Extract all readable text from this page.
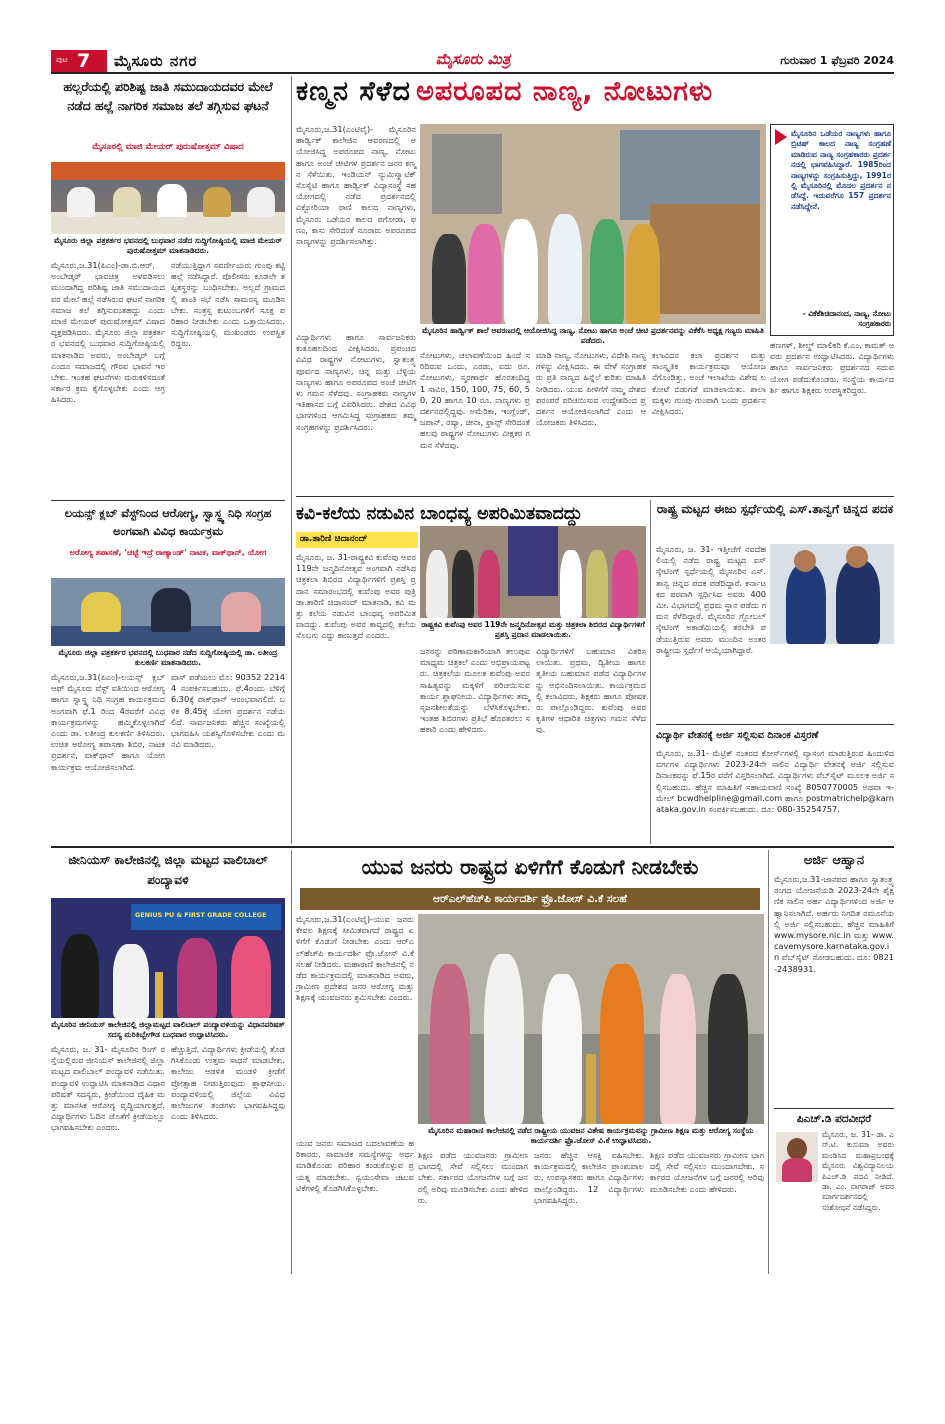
ಪುಟ 7 ಮೈಸೂರು ನಗರ	ಮೈಸೂರು ಮಿತ್ರ	ಗುರುವಾರ 1 ಫೆಬ್ರವರಿ 2024
ಹಲ್ಲರೆಯಲ್ಲಿ ಪರಿಶಿಷ್ಟ ಜಾತಿ ಸಮುದಾಯದವರ ಮೇಲೆ ನಡೆದ ಹಲ್ಲೆ ನಾಗರಿಕ ಸಮಾಜ ತಲೆ ತಗ್ಗಿಸುವ ಘಟನೆ
ಮೈಸೂರಲ್ಲಿ ಮಾಜಿ ಮೇಯರ್ ಪುರುಷೋತ್ತಮ್ ವಿಷಾದ
ಮೈಸೂರು ಜಿಲ್ಲಾ ಪತ್ರಕರ್ತರ ಭವನದಲ್ಲಿ ಬುಧವಾರ ನಡೆದ ಸುದ್ದಿಗೋಷ್ಠಿಯಲ್ಲಿ ಮಾಜಿ ಮೇಯರ್ ಪುರುಷೋತ್ತಮ್ ಮಾತನಾಡಿದರು.
ಮೈಸೂರು,ಜ.31(ಪಿಎಂ)-ಡಾ.ಬಿ.ಆರ್. ಅಂಬೇಡ್ಕರ್ ಭಾವಚಿತ್ರ ಅಳವಡಿಸಲು ಮುಂದಾಗಿದ್ದ ಪರಿಶಿಷ್ಟ ಜಾತಿ ಸಮುದಾಯದವರ ಮೇಲೆ ಹಲ್ಲೆ ನಡೆಸಿರುವ ಘಟನೆ ನಾಗರಿಕ ಸಮಾಜ ತಲೆ ತಗ್ಗಿಸುವಂತಹದ್ದು ಎಂದು ಮಾಜಿ ಮೇಯರ್ ಪುರುಷೋತ್ತಮ್ ವಿಷಾದ ವ್ಯಕ್ತಪಡಿಸಿದರು. ಮೈಸೂರು ಜಿಲ್ಲಾ ಪತ್ರಕರ್ತರ ಭವನದಲ್ಲಿ ಬುಧವಾರ ಸುದ್ದಿಗೋಷ್ಠಿಯಲ್ಲಿ ಮಾತನಾಡಿದ ಅವರು, ಅಂಬೇಡ್ಕರ್ ಬಗ್ಗೆ ಎಂದೂ ಸಮಾಜದಲ್ಲಿ ಗೌರವ ಭಾವನೆ ಇರಬೇಕು. ಇಂತಹ ಘಟನೆಗಳು ಮರುಕಳಿಸದಂತೆ ಸರ್ಕಾರ ಕ್ರಮ ಕೈಗೊಳ್ಳಬೇಕು ಎಂದು ಆಗ್ರಹಿಸಿದರು.
ನಡೆಯುತ್ತಿದ್ದಾಗ ಸವರ್ಣೀಯರು ಗುಂಪು ಕಟ್ಟಿ ಹಲ್ಲೆ ನಡೆಸಿದ್ದಾರೆ. ಪೊಲೀಸರು ಕೂಡಲೇ ತಪ್ಪಿತಸ್ಥರನ್ನು ಬಂಧಿಸಬೇಕು. ಅಲ್ಲದೆ ಗ್ರಾಮದಲ್ಲಿ ಶಾಂತಿ ಸಭೆ ನಡೆಸಿ ಸಾಮರಸ್ಯ ಮೂಡಿಸಬೇಕು. ಸಂತ್ರಸ್ತ ಕುಟುಂಬಗಳಿಗೆ ಸೂಕ್ತ ಪರಿಹಾರ ನೀಡಬೇಕು ಎಂದು ಒತ್ತಾಯಿಸಿದರು. ಸುದ್ದಿಗೋಷ್ಠಿಯಲ್ಲಿ ಮುಖಂಡರು ಉಪಸ್ಥಿತರಿದ್ದರು.
ಲಯನ್ಸ್ ಕ್ಲಬ್ ವೆಸ್ಟ್‌ನಿಂದ ಆರೋಗ್ಯ, ಸ್ವಾಸ್ಥ್ಯ ನಿಧಿ ಸಂಗ್ರಹ ಅಂಗವಾಗಿ ವಿವಿಧ ಕಾರ್ಯಕ್ರಮ
ಅರೋಗ್ಯ ತಪಾಸಣೆ, 'ಚಟ್ಟೆ ಇದ್ರೆ ರಾಣ್ಯಾಂಡ್' ನಾಟಕ, ವಾಕ್‌ಥಾನ್, ಯೋಗ
ಮೈಸೂರು ಜಿಲ್ಲಾ ಪತ್ರಕರ್ತರ ಭವನದಲ್ಲಿ ಬುಧವಾರ ನಡೆದ ಸುದ್ದಿಗೋಷ್ಠಿಯಲ್ಲಿ ಡಾ. ಲತೀಂದ್ರ ಕುಲಕರ್ಣಿ ಮಾತನಾಡಿದರು.
ಮೈಸೂರು,ಜ.31(ಪಿಎಂ)-ಲಯನ್ಸ್ ಕ್ಲಬ್ ಆಫ್ ಮೈಸೂರು ವೆಸ್ಟ್ ವತಿಯಿಂದ ಆರೋಗ್ಯ ಹಾಗೂ ಸ್ವಾಸ್ಥ್ಯ ನಿಧಿ ಸಂಗ್ರಹ ಕಾರ್ಯಕ್ರಮದ ಅಂಗವಾಗಿ ಫೆ.1 ರಿಂದ 4ರವರೆಗೆ ವಿವಿಧ ಕಾರ್ಯಕ್ರಮಗಳನ್ನು ಹಮ್ಮಿಕೊಳ್ಳಲಾಗಿದೆ ಎಂದು ಡಾ. ಲತೀಂದ್ರ ಕುಲಕರ್ಣಿ ತಿಳಿಸಿದರು. ಉಚಿತ ಆರೋಗ್ಯ ತಪಾಸಣಾ ಶಿಬಿರ, ನಾಟಕ ಪ್ರದರ್ಶನ, ವಾಕ್‌ಥಾನ್ ಹಾಗೂ ಯೋಗ ಕಾರ್ಯಕ್ರಮ ಆಯೋಜಿಸಲಾಗಿದೆ.
ವಾಸ್ ಪಡೆಯಲು ಮೊ: 90352 22144 ಸಂಪರ್ಕಿಸಬಹುದು. ಫೆ.4ರಂದು ಬೆಳಿಗ್ಗೆ 6.30ಕ್ಕೆ ವಾಕ್‌ಥಾನ್ ಆರಂಭವಾಗಲಿದೆ. ಬಳಿಕ 8.45ಕ್ಕೆ ಯೋಗ ಪ್ರದರ್ಶನ ನಡೆಯಲಿದೆ. ಸಾರ್ವಜನಿಕರು ಹೆಚ್ಚಿನ ಸಂಖ್ಯೆಯಲ್ಲಿ ಭಾಗವಹಿಸಿ ಯಶಸ್ವಿಗೊಳಿಸಬೇಕು ಎಂದು ಮನವಿ ಮಾಡಿದರು.
ಕಣ್ಮನ ಸೆಳೆದ ಅಪರೂಪದ ನಾಣ್ಯ, ನೋಟುಗಳು
ಮೈಸೂರು,ಜ.31(ಎಂಟಿವೈ)- ಮೈಸೂರಿನ ಹಾರ್ಡ್ವಿಕ್ ಕಾಲೇಜಿನ ಆವರಣದಲ್ಲಿ ಆಯೋಜಿಸಿದ್ದ ಅಪರೂಪದ ನಾಣ್ಯ, ನೋಟು ಹಾಗೂ ಅಂಚೆ ಚೀಟಿಗಳ ಪ್ರದರ್ಶನ ಜನರ ಕಣ್ಮನ ಸೆಳೆಯಿತು. ಇಂಡಿಯನ್ ನ್ಯುಮಿಸ್ಮ್ಯಾಟಿಕ್ ಸೊಸೈಟಿ ಹಾಗೂ ಹಾರ್ಡ್ವಿಕ್ ವಿದ್ಯಾಸಂಸ್ಥೆ ಸಹಯೋಗದಲ್ಲಿ ನಡೆದ ಪ್ರದರ್ಶನದಲ್ಲಿ ವಿಕ್ಟೋರಿಯಾ ರಾಣಿ ಕಾಲದ ನಾಣ್ಯಗಳು, ಮೈಸೂರು ಒಡೆಯರ ಕಾಲದ ಪಗೋಡಾ, ಫಣಂ, ಕಾಸು ಸೇರಿದಂತೆ ನೂರಾರು ಅಪರೂಪದ ನಾಣ್ಯಗಳನ್ನು ಪ್ರದರ್ಶಿಸಲಾಗಿತ್ತು.
ಮೈಸೂರಿನ ಹಾರ್ಡ್ವಿಕ್ ಶಾಲೆ ಆವರಣದಲ್ಲಿ ಆಯೋಜಿಸಿದ್ದ ನಾಣ್ಯ, ನೋಟು ಹಾಗೂ ಅಂಚೆ ಚೀಟಿ ಪ್ರದರ್ಶನವನ್ನು ವಿಕೆಕೆಸಿ ಅಧ್ಯಕ್ಷ ಗಣ್ಯರು ಮಾಹಿತಿ ಪಡೆದರು.
ವಿದ್ಯಾರ್ಥಿಗಳು ಹಾಗೂ ಸಾರ್ವಜನಿಕರು ಕುತೂಹಲದಿಂದ ವೀಕ್ಷಿಸಿದರು. ಪ್ರಪಂಚದ ವಿವಿಧ ರಾಷ್ಟ್ರಗಳ ನೋಟುಗಳು, ಸ್ವಾತಂತ್ರ್ಯ ಪೂರ್ವದ ನಾಣ್ಯಗಳು, ಚಿನ್ನ ಮತ್ತು ಬೆಳ್ಳಿಯ ನಾಣ್ಯಗಳು ಹಾಗೂ ಅಪರೂಪದ ಅಂಚೆ ಚೀಟಿಗಳು ಗಮನ ಸೆಳೆದವು. ಸಂಗ್ರಾಹಕರು ನಾಣ್ಯಗಳ ಇತಿಹಾಸದ ಬಗ್ಗೆ ವಿವರಿಸಿದರು. ದೇಶದ ವಿವಿಧ ಭಾಗಗಳಿಂದ ಆಗಮಿಸಿದ್ದ ಸಂಗ್ರಾಹಕರು ತಮ್ಮ ಸಂಗ್ರಹಗಳನ್ನು ಪ್ರದರ್ಶಿಸಿದರು.
ನೋಟುಗಳು, ಚಲಾವಣೆಯಿಂದ ಹಿಂದೆ ಸರಿದಿರುವ ಒಂದು, ಎರಡು, ಐದು ರೂ. ನೋಟುಗಳು, ಸ್ಮರಣಾರ್ಥ ಹೊರತಂದಿದ್ದ 1 ಸಾವಿರ, 150, 100, 75, 60, 50, 20 ಹಾಗೂ 10 ರೂ. ನಾಣ್ಯಗಳು ಪ್ರದರ್ಶನದಲ್ಲಿದ್ದವು. ಅಮೆರಿಕಾ, ಇಂಗ್ಲೆಂಡ್, ಜಪಾನ್, ರಷ್ಯಾ, ಚೀನಾ, ಫ್ರಾನ್ಸ್ ಸೇರಿದಂತೆ ಹಲವು ರಾಷ್ಟ್ರಗಳ ನೋಟುಗಳು ವೀಕ್ಷಕರ ಗಮನ ಸೆಳೆದವು.
ಮಾಡಿ ನಾಣ್ಯ, ನೋಟುಗಳು, ವಿದೇಶಿ ನಾಣ್ಯಗಳನ್ನು ವೀಕ್ಷಿಸಿದರು. ಈ ವೇಳೆ ಸಂಗ್ರಾಹಕರು ಪ್ರತಿ ನಾಣ್ಯದ ಹಿನ್ನೆಲೆ ಕುರಿತು ಮಾಹಿತಿ ನೀಡಿದರು. ಯುವ ಪೀಳಿಗೆಗೆ ನಮ್ಮ ದೇಶದ ಪರಂಪರೆ ಪರಿಚಯಿಸುವ ಉದ್ದೇಶದಿಂದ ಪ್ರದರ್ಶನ ಆಯೋಜಿಸಲಾಗಿದೆ ಎಂದು ಆಯೋಜಕರು ತಿಳಿಸಿದರು.
ಕಲಾವಿದರ ಕಲಾ ಪ್ರದರ್ಶನ ಮತ್ತು ಸಾಂಸ್ಕೃತಿಕ ಕಾರ್ಯಕ್ರಮವೂ ಆಯೋಜನೆಗೊಂಡಿತ್ತು. ಅಂಚೆ ಇಲಾಖೆಯ ವಿಶೇಷ ಲಕೋಟೆ ಬಿಡುಗಡೆ ಮಾಡಲಾಯಿತು. ಶಾಲಾ ಮಕ್ಕಳು ಗುಂಪು ಗುಂಪಾಗಿ ಬಂದು ಪ್ರದರ್ಶನ ವೀಕ್ಷಿಸಿದರು.
ಮೈಸೂರಿನ ಒಡೆಯರ ನಾಣ್ಯಗಳು ಹಾಗೂ ಬ್ರಿಟಿಷ್ ಕಾಲದ ನಾಣ್ಯ ಸಂಗ್ರಹಣೆ ಮಾಡಿರುವ ನಾಣ್ಯ ಸಂಗ್ರಹಕಾರರು ಪ್ರದರ್ಶನದಲ್ಲಿ ಭಾಗವಹಿಸಿದ್ದಾರೆ. 1985ರಿಂದ ನಾಣ್ಯಗಳನ್ನು ಸಂಗ್ರಹಿಸುತ್ತಿದ್ದು, 1991ರಲ್ಲಿ ಮೈಸೂರಿನಲ್ಲಿ ಮೊದಲ ಪ್ರದರ್ಶನ ನಡೆಸಿದ್ದೆ. ಇದುವರೆಗೂ 157 ಪ್ರದರ್ಶನ ನಡೆಸಿದ್ದೇನೆ.
- ವಿಕೆಕೆಶಿಚಿದಾನಂದ, ನಾಣ್ಯ, ನೋಟು ಸಂಗ್ರಹಕಾರರು
ಹಣಗಳ್, ಶೀಲ್ಡ್ ಮಾಲಿಕರಿ ಕೆ.ಎಂ. ಕಾಮತ್ ಅವರು ಪ್ರದರ್ಶನ ಉದ್ಘಾಟಿಸಿದರು. ವಿದ್ಯಾರ್ಥಿಗಳು ಹಾಗೂ ಸಾರ್ವಜನಿಕರು ಪ್ರದರ್ಶನದ ಸದುಪಯೋಗ ಪಡೆದುಕೊಂಡರು. ಸಂಸ್ಥೆಯ ಕಾರ್ಯದರ್ಶಿ ಹಾಗೂ ಶಿಕ್ಷಕರು ಉಪಸ್ಥಿತರಿದ್ದರು.
ಕವಿ-ಕಲೆಯ ನಡುವಿನ ಬಾಂಧವ್ಯ ಅಪರಿಮಿತವಾದದ್ದು
ಡಾ.ತಾರಿಣಿ ಚಿದಾನಂದ್
ರಾಷ್ಟ್ರಕವಿ ಕುವೆಂಪು ಅವರ 119ನೇ ಜನ್ಮದಿನೋತ್ಸವ ಮತ್ತು ಚಿತ್ರಕಲಾ ಶಿಬಿರದ ವಿದ್ಯಾರ್ಥಿಗಳಿಗೆ ಪ್ರಶಸ್ತಿ ಪ್ರದಾನ ಮಾಡಲಾಯಿತು.
ಮೈಸೂರು, ಜ. 31-ರಾಷ್ಟ್ರಕವಿ ಕುವೆಂಪು ಅವರ 119ನೇ ಜನ್ಮದಿನೋತ್ಸವ ಅಂಗವಾಗಿ ನಡೆಸಿದ ಚಿತ್ರಕಲಾ ಶಿಬಿರದ ವಿದ್ಯಾರ್ಥಿಗಳಿಗೆ ಪ್ರಶಸ್ತಿ ಪ್ರದಾನ ಸಮಾರಂಭದಲ್ಲಿ ಕುವೆಂಪು ಅವರ ಪುತ್ರಿ ಡಾ.ತಾರಿಣಿ ಚಿದಾನಂದ್ ಮಾತನಾಡಿ, ಕವಿ ಮತ್ತು ಕಲೆಯ ನಡುವಿನ ಬಾಂಧವ್ಯ ಅಪರಿಮಿತವಾದದ್ದು. ಕುವೆಂಪು ಅವರ ಕಾವ್ಯದಲ್ಲಿ ಕಲೆಯ ಸೊಬಗು ಎದ್ದು ಕಾಣುತ್ತದೆ ಎಂದರು.
ಜನರನ್ನು ಪರಿಣಾಮಕಾರಿಯಾಗಿ ತಲುಪುವ ಮಾಧ್ಯಮ ಚಿತ್ರಕಲೆ ಎಂದು ಅಭಿಪ್ರಾಯಪಟ್ಟರು. ಚಿತ್ರಕಲೆಯ ಮೂಲಕ ಕುವೆಂಪು ಅವರ ಸಾಹಿತ್ಯವನ್ನು ಮಕ್ಕಳಿಗೆ ಪರಿಚಯಿಸುವ ಕಾರ್ಯ ಶ್ಲಾಘನೀಯ. ವಿದ್ಯಾರ್ಥಿಗಳು ತಮ್ಮ ಸೃಜನಶೀಲತೆಯನ್ನು ಬೆಳೆಸಿಕೊಳ್ಳಬೇಕು. ಇಂತಹ ಶಿಬಿರಗಳು ಪ್ರತಿಭೆ ಹೊರತರಲು ಸಹಕಾರಿ ಎಂದು ಹೇಳಿದರು.
ವಿದ್ಯಾರ್ಥಿಗಳಿಗೆ ಬಹುಮಾನ ವಿತರಿಸಲಾಯಿತು. ಪ್ರಥಮ, ದ್ವಿತೀಯ ಹಾಗೂ ತೃತೀಯ ಬಹುಮಾನ ಪಡೆದ ವಿದ್ಯಾರ್ಥಿಗಳನ್ನು ಅಭಿನಂದಿಸಲಾಯಿತು. ಕಾರ್ಯಕ್ರಮದಲ್ಲಿ ಕಲಾವಿದರು, ಶಿಕ್ಷಕರು ಹಾಗೂ ಪೋಷಕರು ಪಾಲ್ಗೊಂಡಿದ್ದರು. ಕುವೆಂಪು ಅವರ ಕೃತಿಗಳ ಆಧಾರಿತ ಚಿತ್ರಗಳು ಗಮನ ಸೆಳೆದವು.
ರಾಷ್ಟ್ರ ಮಟ್ಟದ ಈಜು ಸ್ಪರ್ಧೆಯಲ್ಲಿ ಎಸ್.ತಾನ್ವಗೆ ಚಿನ್ನದ ಪದಕ
ಮೈಸೂರು, ಜ. 31- ಇತ್ತೀಚೆಗೆ ನವದೆಹಲಿಯಲ್ಲಿ ನಡೆದ ರಾಷ್ಟ್ರ ಮಟ್ಟದ ಐಸ್ ಸ್ಕೇಟಿಂಗ್ ಸ್ಪರ್ಧೆಯಲ್ಲಿ ಮೈಸೂರಿನ ಎಸ್.ತಾನ್ವ ಚಿನ್ನದ ಪದಕ ಪಡೆದಿದ್ದಾರೆ. ಕರ್ನಾಟಕದ ಪರವಾಗಿ ಸ್ಪರ್ಧಿಸಿದ ಅವರು 400 ಮೀ. ವಿಭಾಗದಲ್ಲಿ ಪ್ರಥಮ ಸ್ಥಾನ ಪಡೆದು ಗಮನ ಸೆಳೆದಿದ್ದಾರೆ. ಮೈಸೂರಿನ ಗ್ಲೋಬಲ್ ಸ್ಕೇಟಿಂಗ್ ಅಕಾಡೆಮಿಯಲ್ಲಿ ತರಬೇತಿ ಪಡೆಯುತ್ತಿರುವ ಅವರು ಮುಂದಿನ ಅಂತರರಾಷ್ಟ್ರೀಯ ಸ್ಪರ್ಧೆಗೆ ಆಯ್ಕೆಯಾಗಿದ್ದಾರೆ.
ವಿದ್ಯಾರ್ಥಿ ವೇತನಕ್ಕೆ ಅರ್ಜಿ ಸಲ್ಲಿಸುವ ದಿನಾಂಕ ವಿಸ್ತರಣೆ
ಮೈಸೂರು, ಜ.31- ಮೆಟ್ರಿಕ್ ನಂತರದ ಕೋರ್ಸ್‌ಗಳಲ್ಲಿ ವ್ಯಾಸಂಗ ಮಾಡುತ್ತಿರುವ ಹಿಂದುಳಿದ ವರ್ಗಗಳ ವಿದ್ಯಾರ್ಥಿಗಳು 2023-24ನೇ ಸಾಲಿನ ವಿದ್ಯಾರ್ಥಿ ವೇತನಕ್ಕೆ ಅರ್ಜಿ ಸಲ್ಲಿಸುವ ದಿನಾಂಕವನ್ನು ಫೆ.15ರ ವರೆಗೆ ವಿಸ್ತರಿಸಲಾಗಿದೆ. ವಿದ್ಯಾರ್ಥಿಗಳು ವೆಬ್‌ಸೈಟ್ ಮೂಲಕ ಅರ್ಜಿ ಸಲ್ಲಿಸಬಹುದು. ಹೆಚ್ಚಿನ ಮಾಹಿತಿಗೆ ಸಹಾಯವಾಣಿ ಸಂಖ್ಯೆ 8050770005 ಅಥವಾ ಇ-ಮೇಲ್ bcwdhelpline@gmail.com ಹಾಗೂ postmatrichelp@karnataka.gov.in ಸಂಪರ್ಕಿಸಬಹುದು. ದೂ: 080-35254757.
ಜೀನಿಯಸ್ ಕಾಲೇಜಿನಲ್ಲಿ ಜಿಲ್ಲಾ ಮಟ್ಟದ ವಾಲಿಬಾಲ್ ಪಂದ್ಯಾವಳಿ
GENIUS PU & FIRST GRADE COLLEGE
ಮೈಸೂರಿನ ಜೀನಿಯಸ್ ಕಾಲೇಜಿನಲ್ಲಿ ಜಿಲ್ಲಾಮಟ್ಟದ ವಾಲಿಬಾಲ್ ಪಂದ್ಯಾವಳಿಯನ್ನು ವಿಧಾನಪರಿಷತ್ ಸದಸ್ಯ ಮರಿತಿಬ್ಬೇಗೌಡ ಬುಧವಾರ ಉದ್ಘಾಟಿಸಿದರು.
ಮೈಸೂರು, ಜ. 31- ಮೈಸೂರಿನ ರಿಂಗ್ ರಸ್ತೆಯಲ್ಲಿರುವ ಜೀನಿಯಸ್ ಕಾಲೇಜಿನಲ್ಲಿ ಜಿಲ್ಲಾ ಮಟ್ಟದ ವಾಲಿಬಾಲ್ ಪಂದ್ಯಾವಳಿ ನಡೆಯಿತು. ಪಂದ್ಯಾವಳಿ ಉದ್ಘಾಟಿಸಿ ಮಾತನಾಡಿದ ವಿಧಾನ ಪರಿಷತ್ ಸದಸ್ಯರು, ಕ್ರೀಡೆಯಿಂದ ದೈಹಿಕ ಮತ್ತು ಮಾನಸಿಕ ಆರೋಗ್ಯ ವೃದ್ಧಿಯಾಗುತ್ತದೆ. ವಿದ್ಯಾರ್ಥಿಗಳು ಓದಿನ ಜೊತೆಗೆ ಕ್ರೀಡೆಯಲ್ಲೂ ಭಾಗವಹಿಸಬೇಕು ಎಂದರು.
ಹೆಚ್ಚುತ್ತಿದೆ. ವಿದ್ಯಾರ್ಥಿಗಳು ಕ್ರೀಡೆಯಲ್ಲಿ ತೊಡಗಿಸಿಕೊಂಡು ಉತ್ತಮ ಸಾಧನೆ ಮಾಡಬೇಕು. ಕಾಲೇಜು ಆಡಳಿತ ಮಂಡಳಿ ಕ್ರೀಡೆಗೆ ಪ್ರೋತ್ಸಾಹ ನೀಡುತ್ತಿರುವುದು ಶ್ಲಾಘನೀಯ. ಪಂದ್ಯಾವಳಿಯಲ್ಲಿ ಜಿಲ್ಲೆಯ ವಿವಿಧ ಕಾಲೇಜುಗಳ ತಂಡಗಳು ಭಾಗವಹಿಸಿದ್ದವು ಎಂದು ತಿಳಿಸಿದರು.
ಯುವ ಜನರು ರಾಷ್ಟ್ರದ ಏಳಿಗೆಗೆ ಕೊಡುಗೆ ನೀಡಬೇಕು
ಆರ್‌ಎಲ್‌ಹೆಚ್‌ಪಿ ಕಾರ್ಯದರ್ಶಿ ಫ್ರೊ.ಜೋಸ್ ವಿ.ಕೆ ಸಲಹೆ
ಮೈಸೂರು,ಜ.31(ಎಂಟಿವೈ)-ಯುವ ಜನರು ಕೇವಲ ಶಿಕ್ಷಣಕ್ಕೆ ಸೀಮಿತವಾಗದೆ ರಾಷ್ಟ್ರದ ಏಳಿಗೆಗೆ ಕೊಡುಗೆ ನೀಡಬೇಕು ಎಂದು ಆರ್‌ಎಲ್‌ಹೆಚ್‌ಪಿ ಕಾರ್ಯದರ್ಶಿ ಫ್ರೊ.ಜೋಸ್ ವಿ.ಕೆ ಸಲಹೆ ನೀಡಿದರು. ಮಹಾರಾಣಿ ಕಾಲೇಜಿನಲ್ಲಿ ನಡೆದ ಕಾರ್ಯಕ್ರಮದಲ್ಲಿ ಮಾತನಾಡಿದ ಅವರು, ಗ್ರಾಮೀಣ ಪ್ರದೇಶದ ಜನರ ಆರೋಗ್ಯ ಮತ್ತು ಶಿಕ್ಷಣಕ್ಕೆ ಯುವಜನರು ಶ್ರಮಿಸಬೇಕು ಎಂದರು.
ಮೈಸೂರಿನ ಮಹಾರಾಣಿ ಕಾಲೇಜಿನಲ್ಲಿ ನಡೆದ ರಾಷ್ಟ್ರೀಯ ಯುವಜನ ವಿಶೇಷ ಕಾರ್ಯಕ್ರಮವನ್ನು ಗ್ರಾಮೀಣ ಶಿಕ್ಷಣ ಮತ್ತು ಆರೋಗ್ಯ ಸಂಸ್ಥೆಯ ಕಾರ್ಯದರ್ಶಿ ಫ್ರೊ.ಜೋಸ್ ವಿ.ಕೆ ಉದ್ಘಾಟಿಸಿದರು.
ಯುವ ಜನರು ಸಮಾಜದ ಬದಲಾವಣೆಯ ಹರಿಕಾರರು. ಸಾಮಾಜಿಕ ಸಮಸ್ಯೆಗಳನ್ನು ಅರ್ಥಮಾಡಿಕೊಂಡು ಪರಿಹಾರ ಕಂಡುಕೊಳ್ಳುವ ಪ್ರಯತ್ನ ಮಾಡಬೇಕು. ಸ್ವಯಂಸೇವಾ ಚಟುವಟಿಕೆಗಳಲ್ಲಿ ತೊಡಗಿಸಿಕೊಳ್ಳಬೇಕು.
ಶಿಕ್ಷಣ ಪಡೆದ ಯುವಜನರು ಗ್ರಾಮೀಣ ಭಾಗದಲ್ಲಿ ಸೇವೆ ಸಲ್ಲಿಸಲು ಮುಂದಾಗಬೇಕು. ಸರ್ಕಾರದ ಯೋಜನೆಗಳ ಬಗ್ಗೆ ಜನರಲ್ಲಿ ಅರಿವು ಮೂಡಿಸಬೇಕು ಎಂದು ಹೇಳಿದರು.
ಜನರು ಹೆಚ್ಚಿನ ಆಸಕ್ತಿ ವಹಿಸಬೇಕು. ಕಾರ್ಯಕ್ರಮದಲ್ಲಿ ಕಾಲೇಜಿನ ಪ್ರಾಂಶುಪಾಲರು, ಉಪನ್ಯಾಸಕರು ಹಾಗೂ ವಿದ್ಯಾರ್ಥಿಗಳು ಪಾಲ್ಗೊಂಡಿದ್ದರು. 12 ವಿದ್ಯಾರ್ಥಿಗಳು ಭಾಗವಹಿಸಿದ್ದರು.
ಶಿಕ್ಷಣ ಪಡೆದ ಯುವಜನರು ಗ್ರಾಮೀಣ ಭಾಗದಲ್ಲಿ ಸೇವೆ ಸಲ್ಲಿಸಲು ಮುಂದಾಗಬೇಕು. ಸರ್ಕಾರದ ಯೋಜನೆಗಳ ಬಗ್ಗೆ ಜನರಲ್ಲಿ ಅರಿವು ಮೂಡಿಸಬೇಕು ಎಂದು ಹೇಳಿದರು.
ಅರ್ಜಿ ಆಹ್ವಾನ
ಮೈಸೂರು,ಜ.31-ಜಾನಪದ ಹಾಗೂ ಸ್ವಾತಂತ್ರ್ಯ ರಂಗದ ಯೋಜನೆಯಡಿ 2023-24ನೇ ಶೈಕ್ಷಣಿಕ ಸಾಲಿನ ಅರ್ಹ ವಿದ್ಯಾರ್ಥಿಗಳಿಂದ ಅರ್ಜಿ ಆಹ್ವಾನಿಸಲಾಗಿದೆ. ಅರ್ಹರು ನಿಗದಿತ ನಮೂನೆಯಲ್ಲಿ ಅರ್ಜಿ ಸಲ್ಲಿಸಬಹುದು. ಹೆಚ್ಚಿನ ಮಾಹಿತಿಗೆ www.mysore.nic.in ಮತ್ತು www.cavemysore.karnataka.gov.in ವೆಬ್‌ಸೈಟ್ ನೋಡಬಹುದು. ದೂ: 0821-2438931.
ಪಿಎಚ್.ಡಿ ಪದವೀಧರೆ
ಮೈಸೂರು, ಜ. 31- ಡಾ. ಎಸ್.ಟಿ. ಕುಸುಮಾ ಅವರು ಮಂಡಿಸಿದ ಮಹಾಪ್ರಬಂಧಕ್ಕೆ ಮೈಸೂರು ವಿಶ್ವವಿದ್ಯಾನಿಲಯ ಪಿಎಚ್.ಡಿ ಪದವಿ ನೀಡಿದೆ. ಡಾ. ಎಂ. ನಾಗರಾಜ್ ಅವರ ಮಾರ್ಗದರ್ಶನದಲ್ಲಿ ಸಂಶೋಧನೆ ನಡೆಸಿದ್ದರು.
